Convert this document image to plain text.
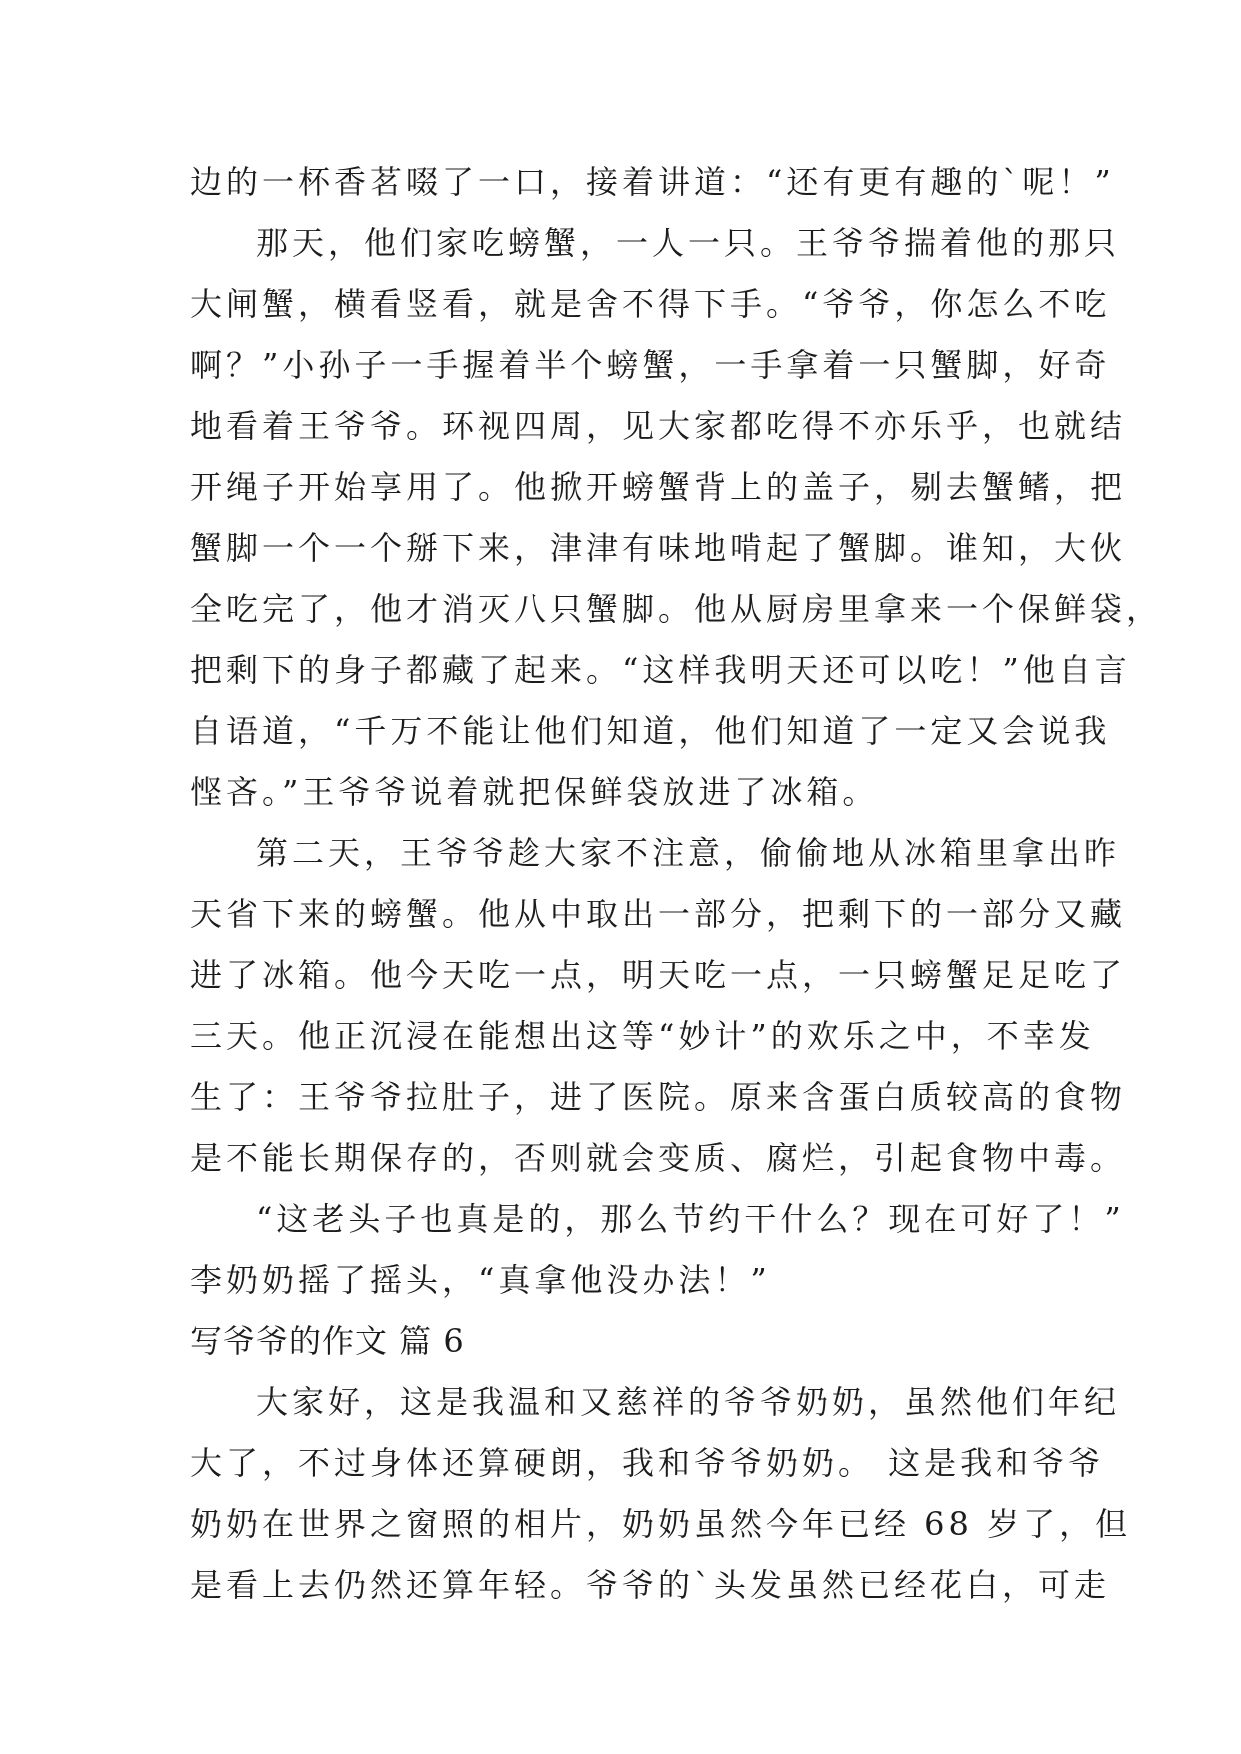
边的一杯香茗啜了一口，接着讲道：“还有更有趣的`呢！”
那天，他们家吃螃蟹，一人一只。王爷爷揣着他的那只
大闸蟹，横看竖看，就是舍不得下手。“爷爷，你怎么不吃
啊？”小孙子一手握着半个螃蟹，一手拿着一只蟹脚，好奇
地看着王爷爷。环视四周，见大家都吃得不亦乐乎，也就结
开绳子开始享用了。他掀开螃蟹背上的盖子，剔去蟹鳍，把
蟹脚一个一个掰下来，津津有味地啃起了蟹脚。谁知，大伙
全吃完了，他才消灭八只蟹脚。他从厨房里拿来一个保鲜袋，
把剩下的身子都藏了起来。“这样我明天还可以吃！”他自言
自语道，“千万不能让他们知道，他们知道了一定又会说我
悭吝。”王爷爷说着就把保鲜袋放进了冰箱。
第二天，王爷爷趁大家不注意，偷偷地从冰箱里拿出昨
天省下来的螃蟹。他从中取出一部分，把剩下的一部分又藏
进了冰箱。他今天吃一点，明天吃一点，一只螃蟹足足吃了
三天。他正沉浸在能想出这等“妙计”的欢乐之中，不幸发
生了：王爷爷拉肚子，进了医院。原来含蛋白质较高的食物
是不能长期保存的，否则就会变质、腐烂，引起食物中毒。
“这老头子也真是的，那么节约干什么？现在可好了！”
李奶奶摇了摇头，“真拿他没办法！”
写爷爷的作文 篇 6
大家好，这是我温和又慈祥的爷爷奶奶，虽然他们年纪
大了，不过身体还算硬朗，我和爷爷奶奶。 这是我和爷爷
奶奶在世界之窗照的相片，奶奶虽然今年已经 68 岁了，但
是看上去仍然还算年轻。爷爷的`头发虽然已经花白，可走
